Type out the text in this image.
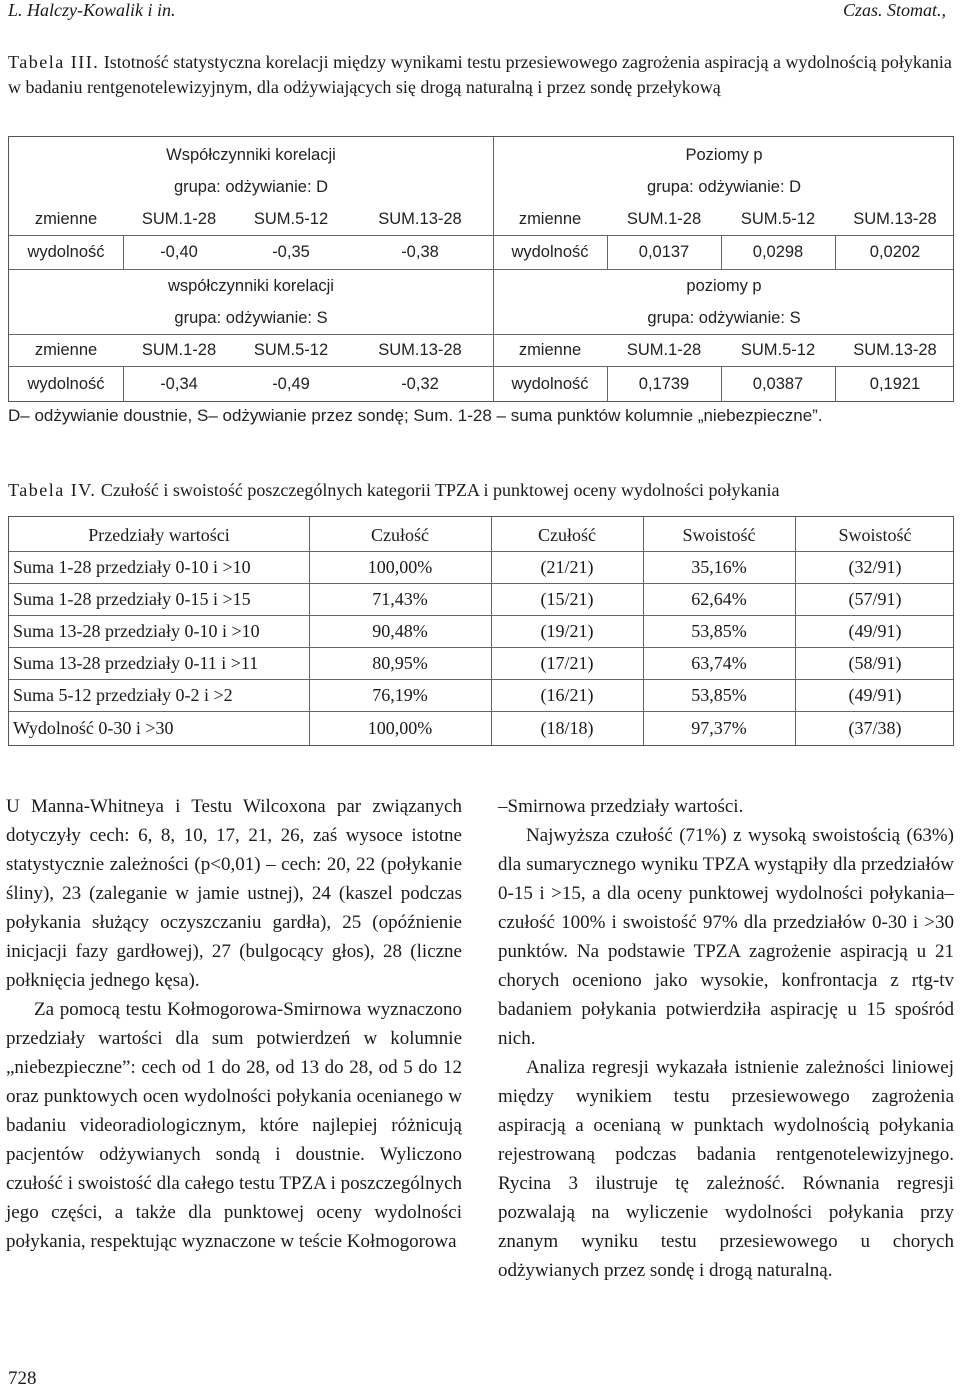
L. Halczy-Kowalik i in.	Czas. Stomat.,
Tabela III. Istotność statystyczna korelacji między wynikami testu przesiewowego zagrożenia aspiracją a wydolnością połykania w badaniu rentgenotelewizyjnym, dla odżywiających się drogą naturalną i przez sondę przełykową
Współczynniki korelacji	Poziomy p
grupa: odżywianie: D	grupa: odżywianie: D
zmienne	SUM.1-28	SUM.5-12	SUM.13-28	zmienne	SUM.1-28	SUM.5-12	SUM.13-28
wydolność	-0,40	-0,35	-0,38	wydolność	0,0137	0,0298	0,0202
współczynniki korelacji	poziomy p
grupa: odżywianie: S	grupa: odżywianie: S
zmienne	SUM.1-28	SUM.5-12	SUM.13-28	zmienne	SUM.1-28	SUM.5-12	SUM.13-28
wydolność	-0,34	-0,49	-0,32	wydolność	0,1739	0,0387	0,1921
D– odżywianie doustnie, S– odżywianie przez sondę; Sum. 1-28 – suma punktów kolumnie „niebezpieczne”.
Tabela IV. Czułość i swoistość poszczególnych kategorii TPZA i punktowej oceny wydolności połykania
Przedziały wartości	Czułość	Czułość	Swoistość	Swoistość
Suma 1-28 przedziały 0-10 i >10	100,00%	(21/21)	35,16%	(32/91)
Suma 1-28 przedziały 0-15 i >15	71,43%	(15/21)	62,64%	(57/91)
Suma 13-28 przedziały 0-10 i >10	90,48%	(19/21)	53,85%	(49/91)
Suma 13-28 przedziały 0-11 i >11	80,95%	(17/21)	63,74%	(58/91)
Suma 5-12 przedziały 0-2 i >2	76,19%	(16/21)	53,85%	(49/91)
Wydolność 0-30 i >30	100,00%	(18/18)	97,37%	(37/38)

U Manna-Whitneya i Testu Wilcoxona par związanych dotyczyły cech: 6, 8, 10, 17, 21, 26, zaś wysoce istotne statystycznie zależności (p<0,01) – cech: 20, 22 (połykanie śliny), 23 (zaleganie w jamie ustnej), 24 (kaszel podczas połykania służący oczyszczaniu gardła), 25 (opóźnienie inicjacji fazy gardłowej), 27 (bulgocący głos), 28 (liczne połknięcia jednego kęsa).

Za pomocą testu Kołmogorowa-Smirnowa wyznaczono przedziały wartości dla sum potwierdzeń w kolumnie „niebezpieczne”: cech od 1 do 28, od 13 do 28, od 5 do 12 oraz punktowych ocen wydolności połykania ocenianego w badaniu videoradiologicznym, które najlepiej różnicują pacjentów odżywianych sondą i doustnie. Wyliczono czułość i swoistość dla całego testu TPZA i poszczególnych jego części, a także dla punktowej oceny wydolności połykania, respektując wyznaczone w teście Kołmogorowa

–Smirnowa przedziały wartości.

Najwyższa czułość (71%) z wysoką swoistością (63%) dla sumarycznego wyniku TPZA wystąpiły dla przedziałów 0-15 i >15, a dla oceny punktowej wydolności połykania– czułość 100% i swoistość 97% dla przedziałów 0-30 i >30 punktów. Na podstawie TPZA zagrożenie aspiracją u 21 chorych oceniono jako wysokie, konfrontacja z rtg-tv badaniem połykania potwierdziła aspirację u 15 spośród nich.

Analiza regresji wykazała istnienie zależności liniowej między wynikiem testu przesiewowego zagrożenia aspiracją a ocenianą w punktach wydolnością połykania rejestrowaną podczas badania rentgenotelewizyjnego. Rycina 3 ilustruje tę zależność. Równania regresji pozwalają na wyliczenie wydolności połykania przy znanym wyniku testu przesiewowego u chorych odżywianych przez sondę i drogą naturalną.

728
